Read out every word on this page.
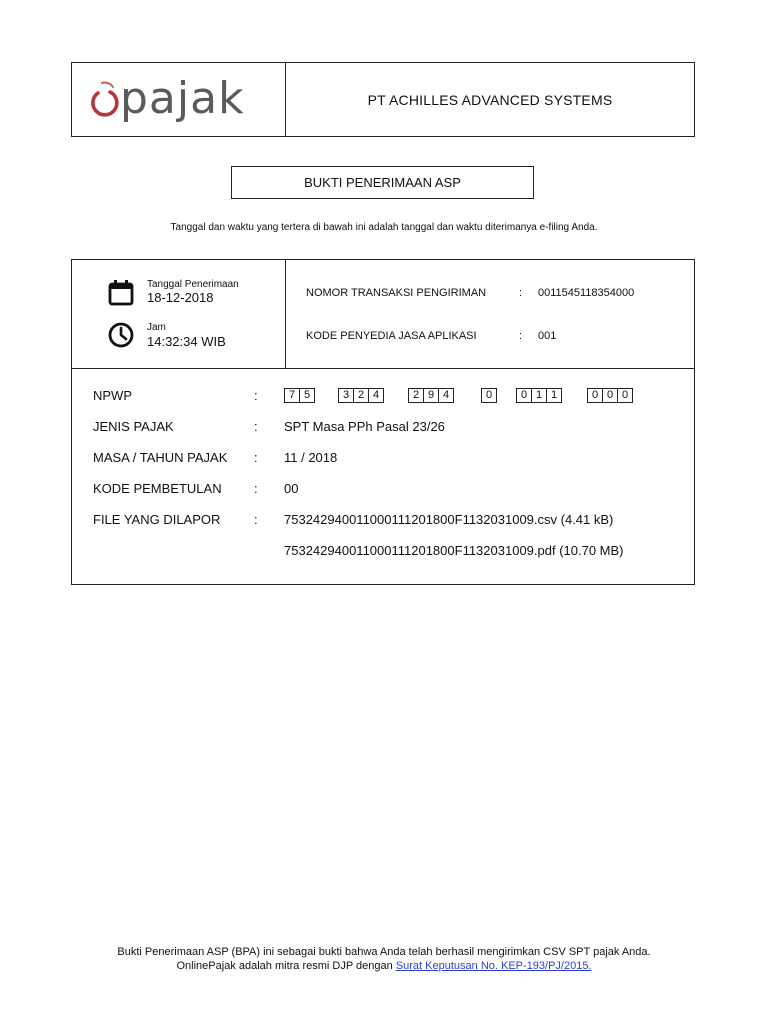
pajak	PT ACHILLES ADVANCED SYSTEMS
BUKTI PENERIMAAN ASP
Tanggal dan waktu yang tertera di bawah ini adalah tanggal dan waktu diterimanya e-filing Anda.
Tanggal Penerimaan
18-12-2018
Jam
14:32:34 WIB
NOMOR TRANSAKSI PENGIRIMAN	: 0011545118354000
KODE PENYEDIA JASA APLIKASI	: 001
NPWP	:	7 5	3 2 4	2 9 4	0	0 1 1	0 0 0
JENIS PAJAK	: SPT Masa PPh Pasal 23/26
MASA / TAHUN PAJAK : 11 / 2018
KODE PEMBETULAN : 00
FILE YANG DILAPOR	: 753242940011000111201800F1132031009.csv (4.41 kB)
753242940011000111201800F1132031009.pdf (10.70 MB)
Bukti Penerimaan ASP (BPA) ini sebagai bukti bahwa Anda telah berhasil mengirimkan CSV SPT pajak Anda.
OnlinePajak adalah mitra resmi DJP dengan Surat Keputusan No. KEP-193/PJ/2015.
